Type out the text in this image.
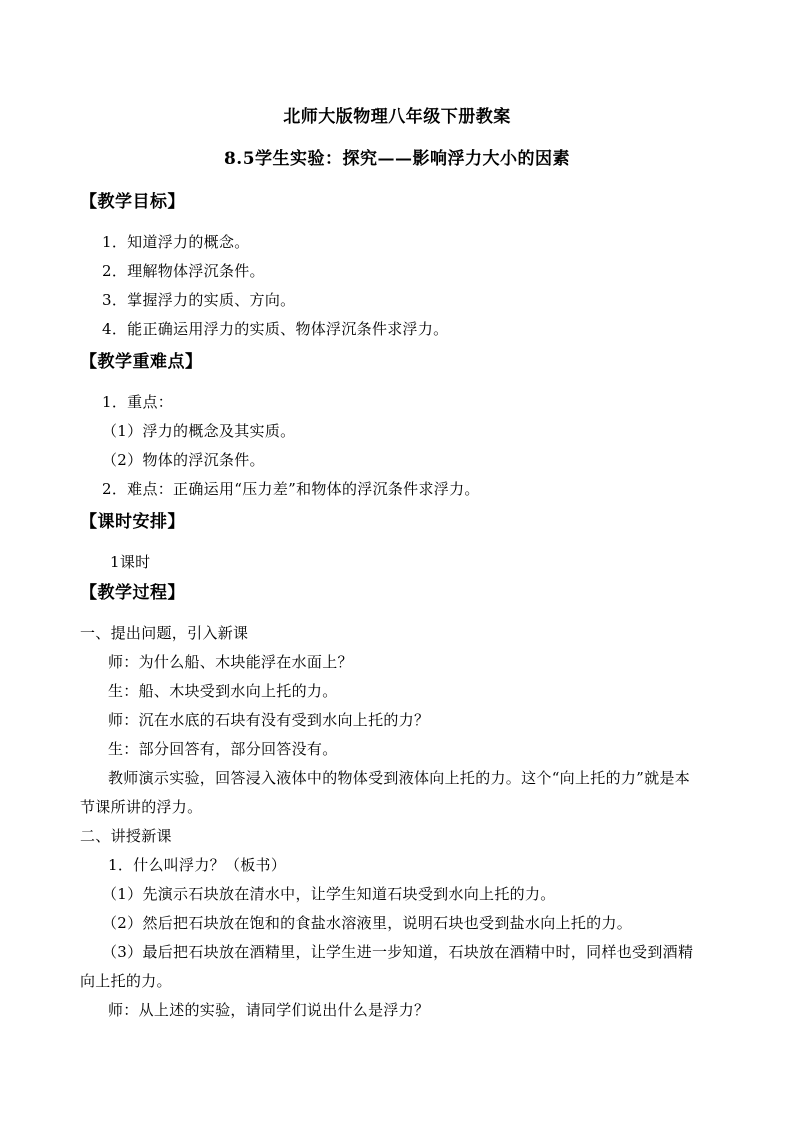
北师大版物理八年级下册教案
8.5学生实验：探究——影响浮力大小的因素
【教学目标】
1．知道浮力的概念。
2．理解物体浮沉条件。
3．掌握浮力的实质、方向。
4．能正确运用浮力的实质、物体浮沉条件求浮力。
【教学重难点】
1．重点：
（1）浮力的概念及其实质。
（2）物体的浮沉条件。
2．难点：正确运用“压力差”和物体的浮沉条件求浮力。
【课时安排】
1课时
【教学过程】
一、提出问题，引入新课
师：为什么船、木块能浮在水面上？
生：船、木块受到水向上托的力。
师：沉在水底的石块有没有受到水向上托的力？
生：部分回答有，部分回答没有。
教师演示实验，回答浸入液体中的物体受到液体向上托的力。这个“向上托的力”就是本
节课所讲的浮力。
二、讲授新课
1．什么叫浮力？（板书）
（1）先演示石块放在清水中，让学生知道石块受到水向上托的力。
（2）然后把石块放在饱和的食盐水溶液里，说明石块也受到盐水向上托的力。
（3）最后把石块放在酒精里，让学生进一步知道，石块放在酒精中时，同样也受到酒精
向上托的力。
师：从上述的实验，请同学们说出什么是浮力？
